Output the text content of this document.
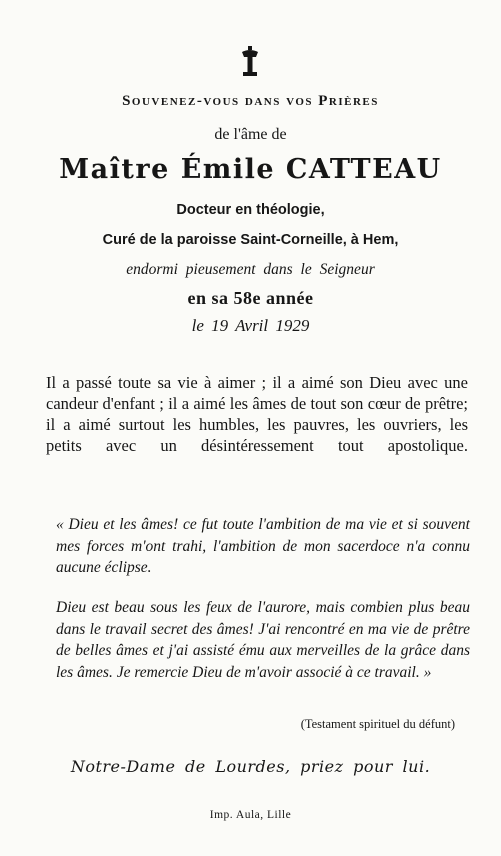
Souvenez-vous dans vos Prières
de l'âme de
Maître Émile CATTEAU
Docteur en théologie,
Curé de la paroisse Saint-Corneille, à Hem,
endormi pieusement dans le Seigneur
en sa 58e année
le 19 Avril 1929
Il a passé toute sa vie à aimer ; il a aimé son Dieu avec une candeur d'enfant ; il a aimé les âmes de tout son cœur de prêtre; il a aimé surtout les humbles, les pauvres, les ouvriers, les petits avec un désintéressement tout apostolique.
« Dieu et les âmes! ce fut toute l'ambition de ma vie et si souvent mes forces m'ont trahi, l'ambition de mon sacerdoce n'a connu aucune éclipse.
Dieu est beau sous les feux de l'aurore, mais combien plus beau dans le travail secret des âmes! J'ai rencontré en ma vie de prêtre de belles âmes et j'ai assisté ému aux merveilles de la grâce dans les âmes. Je remercie Dieu de m'avoir associé à ce travail. »
(Testament spirituel du défunt)
Notre-Dame de Lourdes, priez pour lui.
Imp. Aula, Lille
